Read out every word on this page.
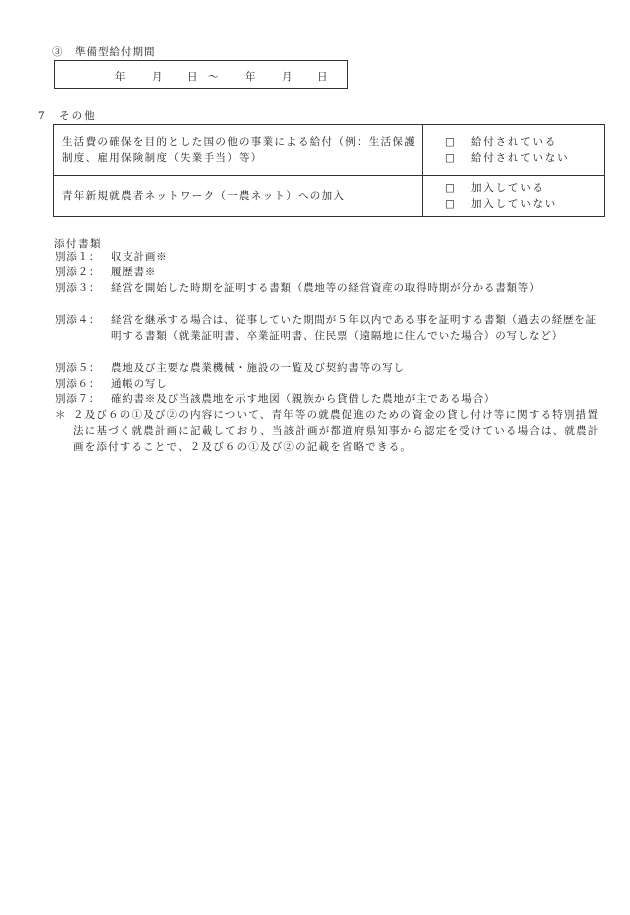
③　準備型給付期間
年	月 日 〜	年	月 日
7　その他
生活費の確保を目的とした国の他の事業による給付（例：生活保護制度、雇用保険制度（失業手当）等）	□ 給付されている
□ 給付されていない

青年新規就農者ネットワーク（一農ネット）への加入	□ 加入している
□ 加入していない
添付書類
別添１： 収支計画※
別添２： 履歴書※
別添３： 経営を開始した時期を証明する書類（農地等の経営資産の取得時期が分かる書類等）
別添４： 経営を継承する場合は、従事していた期間が５年以内である事を証明する書類（過去の経歴を証明する書類（就業証明書、卒業証明書、住民票（遠隔地に住んでいた場合）の写しなど）
別添５： 農地及び主要な農業機械・施設の一覧及び契約書等の写し
別添６： 通帳の写し
別添７： 確約書※及び当該農地を示す地図（親族から貸借した農地が主である場合）
＊ ２及び６の①及び②の内容について、青年等の就農促進のための資金の貸し付け等に関する特別措置法に基づく就農計画に記載しており、当該計画が都道府県知事から認定を受けている場合は、就農計画を添付することで、２及び６の①及び②の記載を省略できる。
